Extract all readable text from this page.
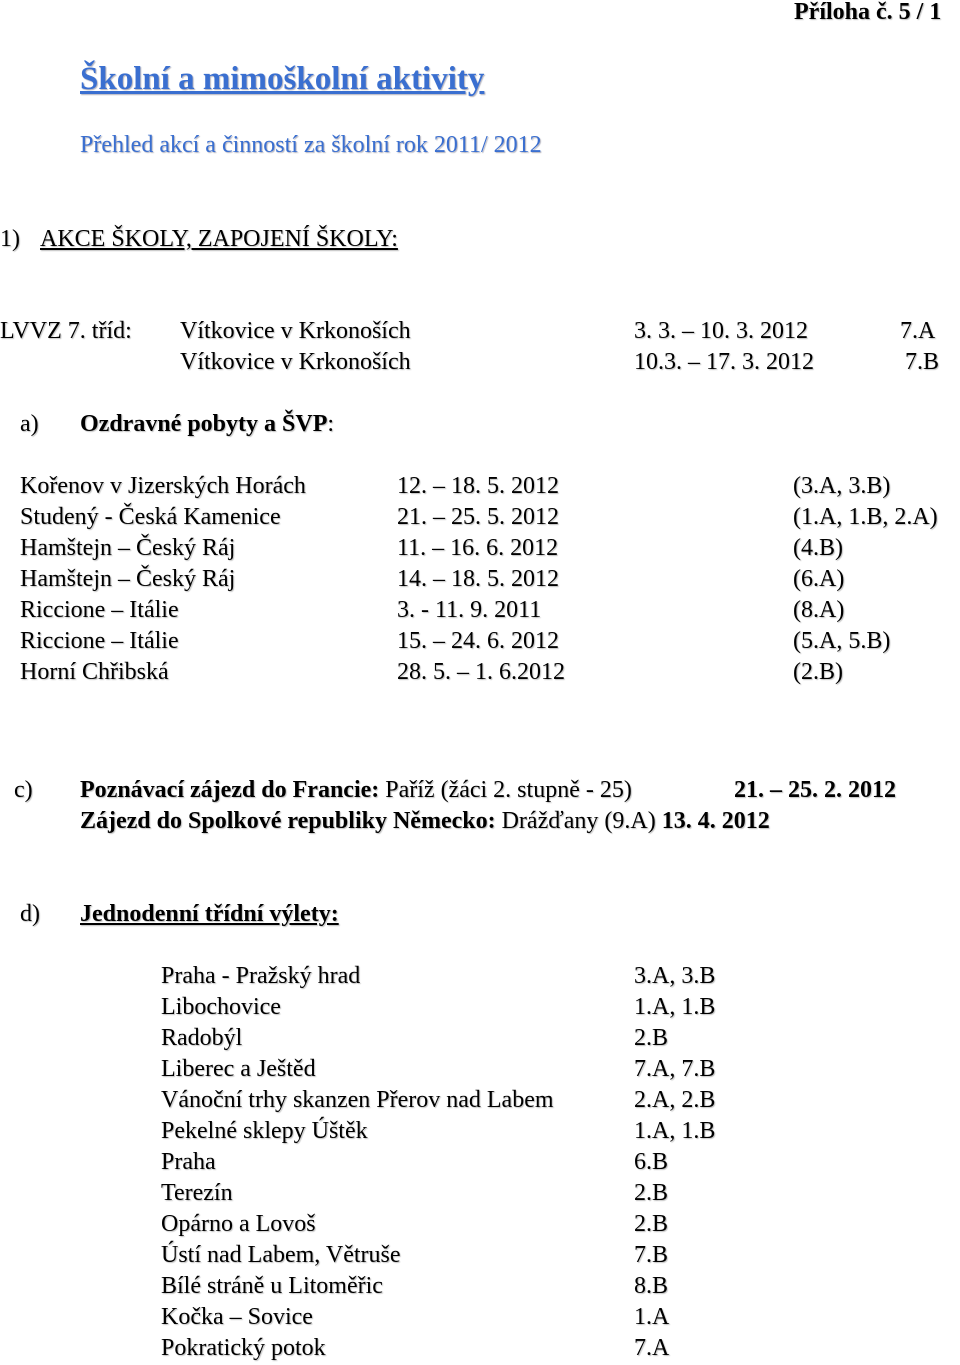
Příloha č. 5 / 1
Školní a mimoškolní aktivity
Přehled akcí a činností za školní rok 2011/ 2012
1) AKCE ŠKOLY, ZAPOJENÍ ŠKOLY:
LVVZ 7. tříd: Vítkovice v Krkonoších	3. 3. – 10. 3. 2012	7.A
Vítkovice v Krkonoších	10.3. – 17. 3. 2012	7.B
a) Ozdravné pobyty a ŠVP:
Kořenov v Jizerských Horách	12. – 18. 5. 2012	(3.A, 3.B)
Studený - Česká Kamenice	21. – 25. 5. 2012	(1.A, 1.B, 2.A)
Hamštejn – Český Ráj	11. – 16. 6. 2012	(4.B)
Hamštejn – Český Ráj	14. – 18. 5. 2012	(6.A)
Riccione – Itálie	3. - 11. 9. 2011	(8.A)
Riccione – Itálie	15. – 24. 6. 2012	(5.A, 5.B)
Horní Chřibská	28. 5. – 1. 6.2012	(2.B)
c) Poznávací zájezd do Francie: Paříž (žáci 2. stupně - 25)	21. – 25. 2. 2012
Zájezd do Spolkové republiky Německo: Drážďany (9.A) 13. 4. 2012
d) Jednodenní třídní výlety:
Praha - Pražský hrad	3.A, 3.B
Libochovice	1.A, 1.B
Radobýl	2.B
Liberec a Ještěd	7.A, 7.B
Vánoční trhy skanzen Přerov nad Labem	2.A, 2.B
Pekelné sklepy Úštěk	1.A, 1.B
Praha	6.B
Terezín	2.B
Opárno a Lovoš	2.B
Ústí nad Labem, Větruše	7.B
Bílé stráně u Litoměřic	8.B
Kočka – Sovice	1.A
Pokratický potok	7.A
